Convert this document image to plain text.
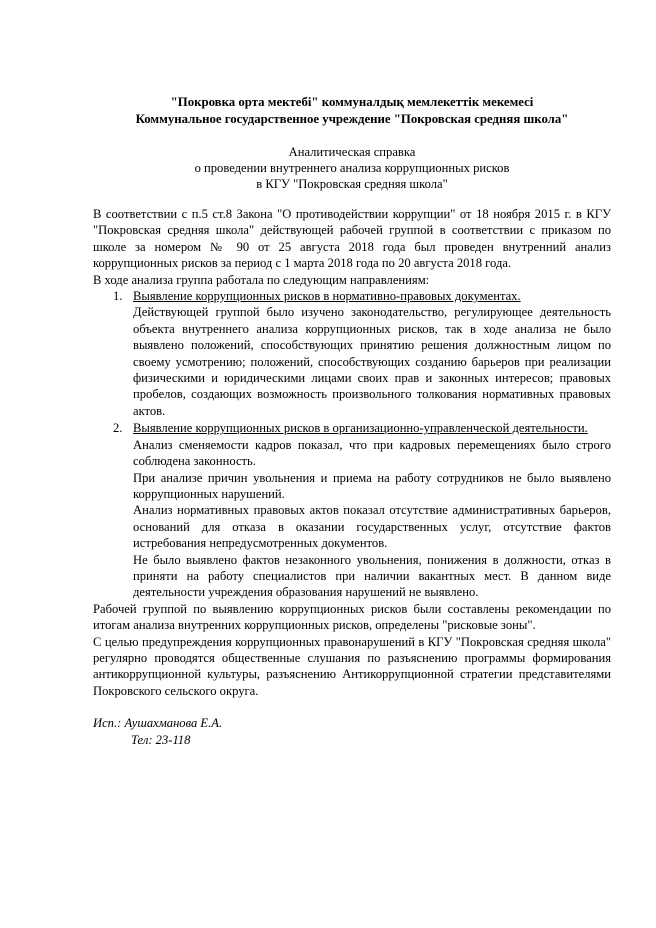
"Покровка орта мектебі" коммуналдық мемлекеттік мекемесі
Коммунальное государственное учреждение "Покровская средняя школа"
Аналитическая справка
о проведении внутреннего анализа коррупционных рисков
в КГУ "Покровская средняя школа"

В соответствии с п.5 ст.8 Закона "О противодействии коррупции" от 18 ноября 2015 г. в КГУ "Покровская средняя школа" действующей рабочей группой в соответствии с приказом по школе за номером № 90 от 25 августа 2018 года был проведен внутренний анализ коррупционных рисков за период с 1 марта 2018 года по 20 августа 2018 года.

В ходе анализа группа работала по следующим направлениям:

1. Выявление коррупционных рисков в нормативно-правовых документах.

Действующей группой было изучено законодательство, регулирующее деятельность объекта внутреннего анализа коррупционных рисков, так в ходе анализа не было выявлено положений, способствующих принятию решения должностным лицом по своему усмотрению; положений, способствующих созданию барьеров при реализации физическими и юридическими лицами своих прав и законных интересов; правовых пробелов, создающих возможность произвольного толкования нормативных правовых актов.

2. Выявление коррупционных рисков в организационно-управленческой деятельности.

Анализ сменяемости кадров показал, что при кадровых перемещениях было строго соблюдена законность.

При анализе причин увольнения и приема на работу сотрудников не было выявлено коррупционных нарушений.

Анализ нормативных правовых актов показал отсутствие административных барьеров, оснований для отказа в оказании государственных услуг, отсутствие фактов истребования непредусмотренных документов.

Не было выявлено фактов незаконного увольнения, понижения в должности, отказ в приняти на работу специалистов при наличии вакантных мест. В данном виде деятельности учреждения образования нарушений не выявлено.

Рабочей группой по выявлению коррупционных рисков были составлены рекомендации по итогам анализа внутренних коррупционных рисков, определены "рисковые зоны".

С целью предупреждения коррупционных правонарушений в КГУ "Покровская средняя школа" регулярно проводятся общественные слушания по разъяснению программы формирования антикоррупционной культуры, разъяснению Антикоррупционной стратегии представителями Покровского сельского округа.

Исп.: Аушахманова Е.А.
Тел: 23-118
